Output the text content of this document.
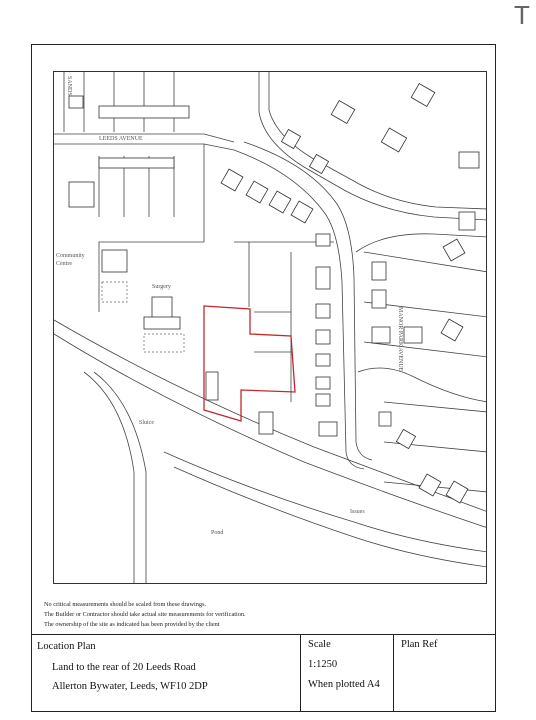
T
LEEDS AVENUE
SANDS
Community
Centre
Surgery
MANOR PARK AVENUE
Sluice
Issues
Pond
No critical measurements should be scaled from these drawings.
The Builder or Contractor should take actual site measurements for verification.
The ownership of the site as indicated has been provided by the client
Location Plan
Land to the rear of 20 Leeds Road
Allerton Bywater, Leeds, WF10 2DP
Scale
1:1250
When plotted A4
Plan Ref
